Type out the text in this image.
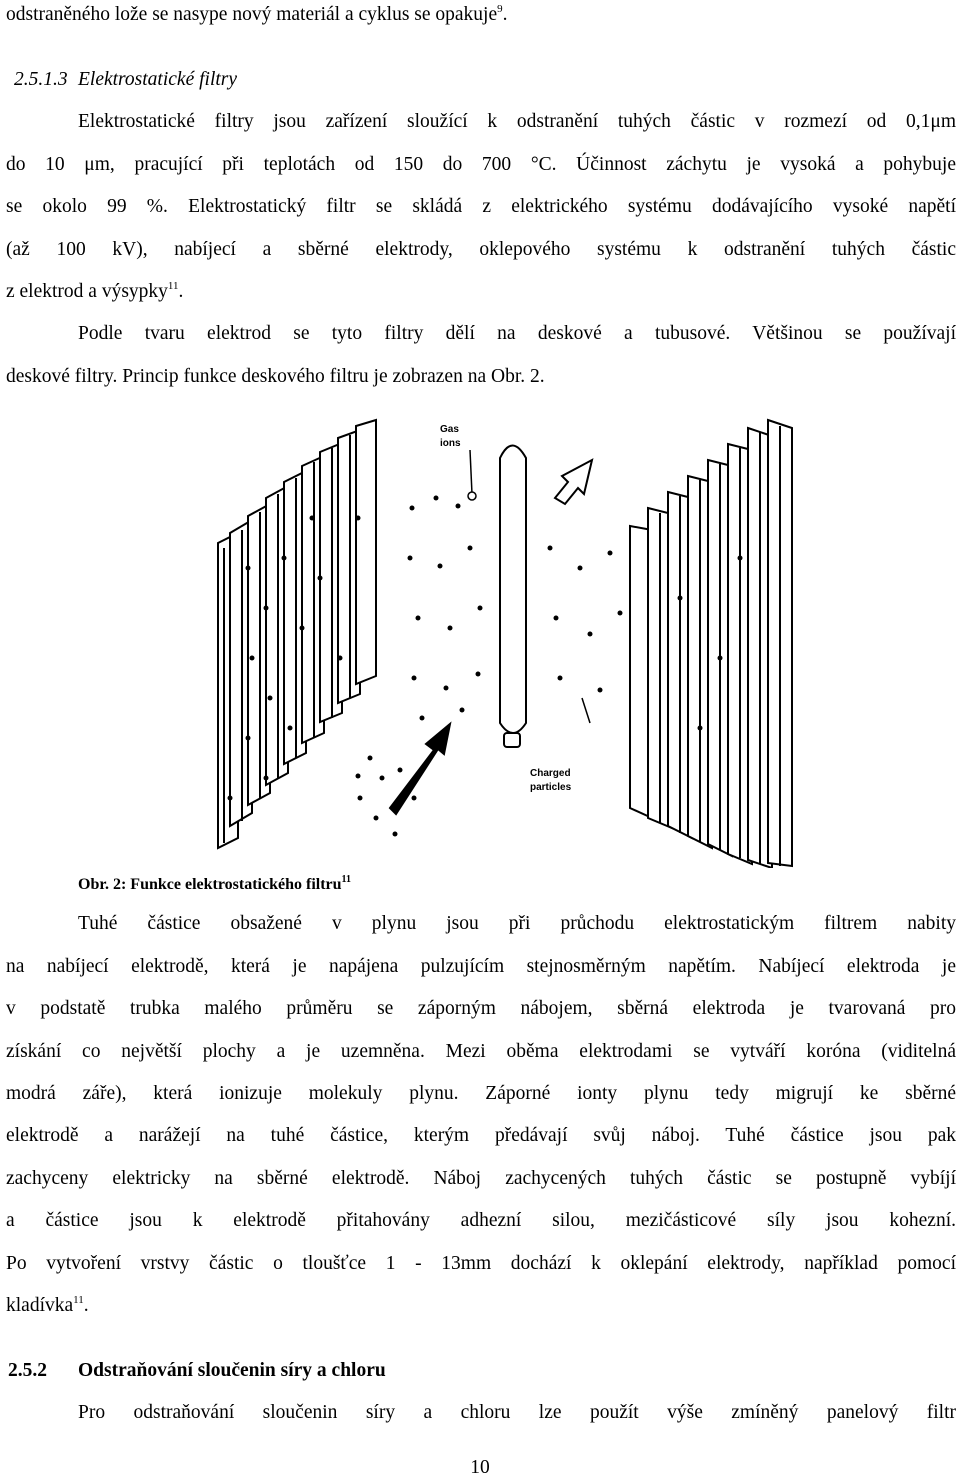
odstraněného lože se nasype nový materiál a cyklus se opakuje$^9$.
2.5.1.3 Elektrostatické filtry
Elektrostatické filtry jsou zařízení sloužící k odstranění tuhých částic v rozmezí od 0,1μm
do 10 μm, pracující při teplotách od 150 do 700 °C. Účinnost záchytu je vysoká a pohybuje
se okolo 99 %. Elektrostatický filtr se skládá z elektrického systému dodávajícího vysoké napětí
(až 100 kV), nabíjecí a sběrné elektrody, oklepového systému k odstranění tuhých částic
z elektrod a výsypky$^{11}$.
Podle tvaru elektrod se tyto filtry dělí na deskové a tubusové. Většinou se používají
deskové filtry. Princip funkce deskového filtru je zobrazen na Obr. 2.
Gas
ions
Charged
particles
Obr. 2: Funkce elektrostatického filtru$^{11}$
Tuhé částice obsažené v plynu jsou při průchodu elektrostatickým filtrem nabity
na nabíjecí elektrodě, která je napájena pulzujícím stejnosměrným napětím. Nabíjecí elektroda je
v podstatě trubka malého průměru se záporným nábojem, sběrná elektroda je tvarovaná pro
získání co největší plochy a je uzemněna. Mezi oběma elektrodami se vytváří koróna (viditelná
modrá záře), která ionizuje molekuly plynu. Záporné ionty plynu tedy migrují ke sběrné
elektrodě a narážejí na tuhé částice, kterým předávají svůj náboj. Tuhé částice jsou pak
zachyceny elektricky na sběrné elektrodě. Náboj zachycených tuhých částic se postupně vybíjí
a částice jsou k elektrodě přitahovány adhezní silou, mezičásticové síly jsou kohezní.
Po vytvoření vrstvy částic o tloušťce 1 - 13mm dochází k oklepání elektrody, například pomocí
kladívka$^{11}$.
2.5.2 Odstraňování sloučenin síry a chloru
Pro odstraňování sloučenin síry a chloru lze použít výše zmíněný panelový filtr
10
